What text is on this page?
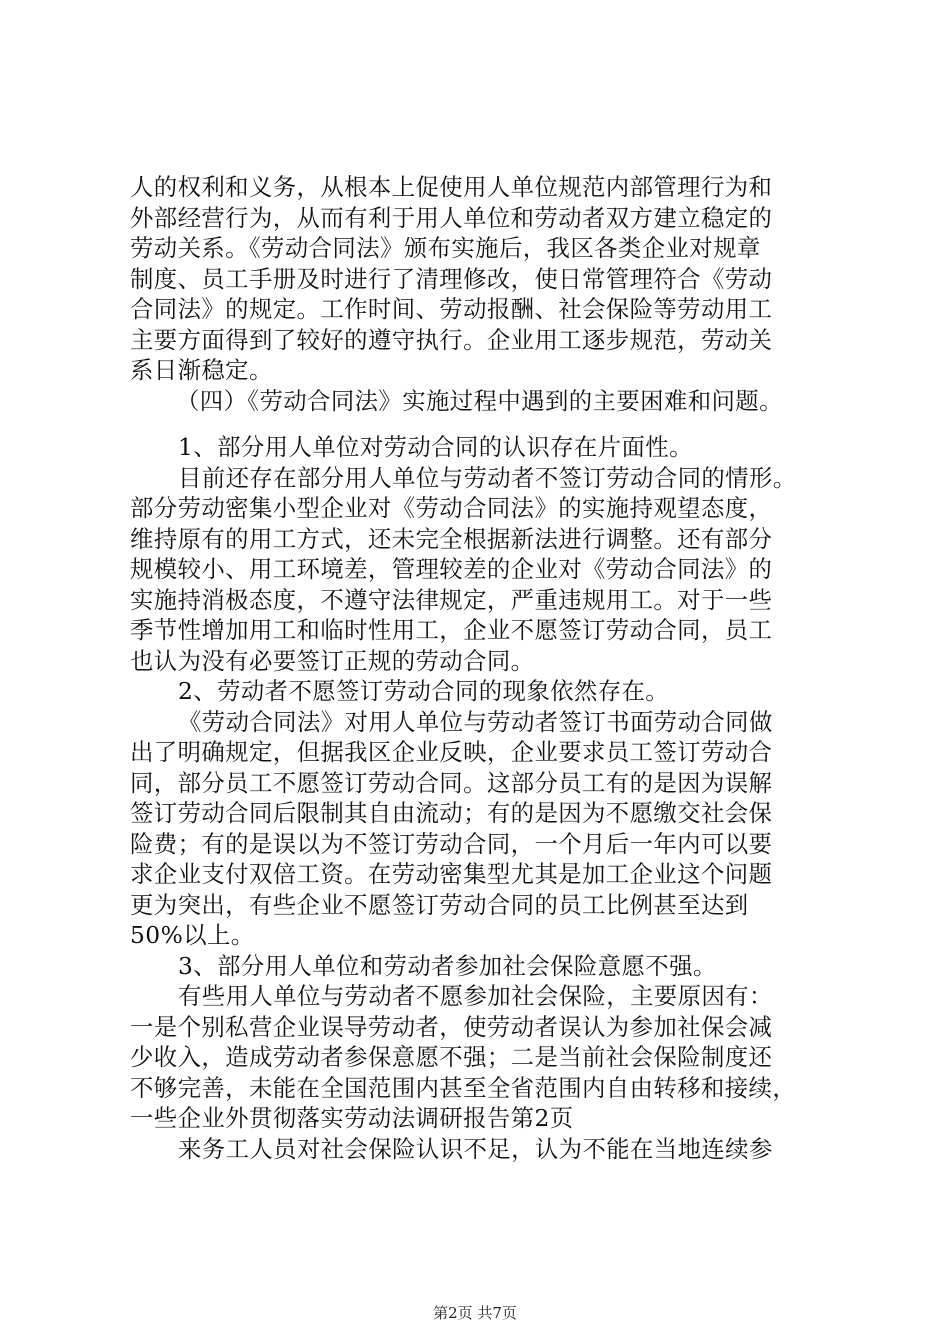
人的权利和义务，从根本上促使用人单位规范内部管理行为和
外部经营行为，从而有利于用人单位和劳动者双方建立稳定的
劳动关系。《劳动合同法》颁布实施后，我区各类企业对规章
制度、员工手册及时进行了清理修改，使日常管理符合《劳动
合同法》的规定。工作时间、劳动报酬、社会保险等劳动用工
主要方面得到了较好的遵守执行。企业用工逐步规范，劳动关
系日渐稳定。
（四）《劳动合同法》实施过程中遇到的主要困难和问题。
1、部分用人单位对劳动合同的认识存在片面性。
目前还存在部分用人单位与劳动者不签订劳动合同的情形。
部分劳动密集小型企业对《劳动合同法》的实施持观望态度，
维持原有的用工方式，还未完全根据新法进行调整。还有部分
规模较小、用工环境差，管理较差的企业对《劳动合同法》的
实施持消极态度，不遵守法律规定，严重违规用工。对于一些
季节性增加用工和临时性用工，企业不愿签订劳动合同，员工
也认为没有必要签订正规的劳动合同。
2、劳动者不愿签订劳动合同的现象依然存在。
《劳动合同法》对用人单位与劳动者签订书面劳动合同做
出了明确规定，但据我区企业反映，企业要求员工签订劳动合
同，部分员工不愿签订劳动合同。这部分员工有的是因为误解
签订劳动合同后限制其自由流动；有的是因为不愿缴交社会保
险费；有的是误以为不签订劳动合同，一个月后一年内可以要
求企业支付双倍工资。在劳动密集型尤其是加工企业这个问题
更为突出，有些企业不愿签订劳动合同的员工比例甚至达到
50%以上。
3、部分用人单位和劳动者参加社会保险意愿不强。
有些用人单位与劳动者不愿参加社会保险，主要原因有：
一是个别私营企业误导劳动者，使劳动者误认为参加社保会减
少收入，造成劳动者参保意愿不强；二是当前社会保险制度还
不够完善，未能在全国范围内甚至全省范围内自由转移和接续，
一些企业外贯彻落实劳动法调研报告第2页
来务工人员对社会保险认识不足，认为不能在当地连续参
第2页 共7页
